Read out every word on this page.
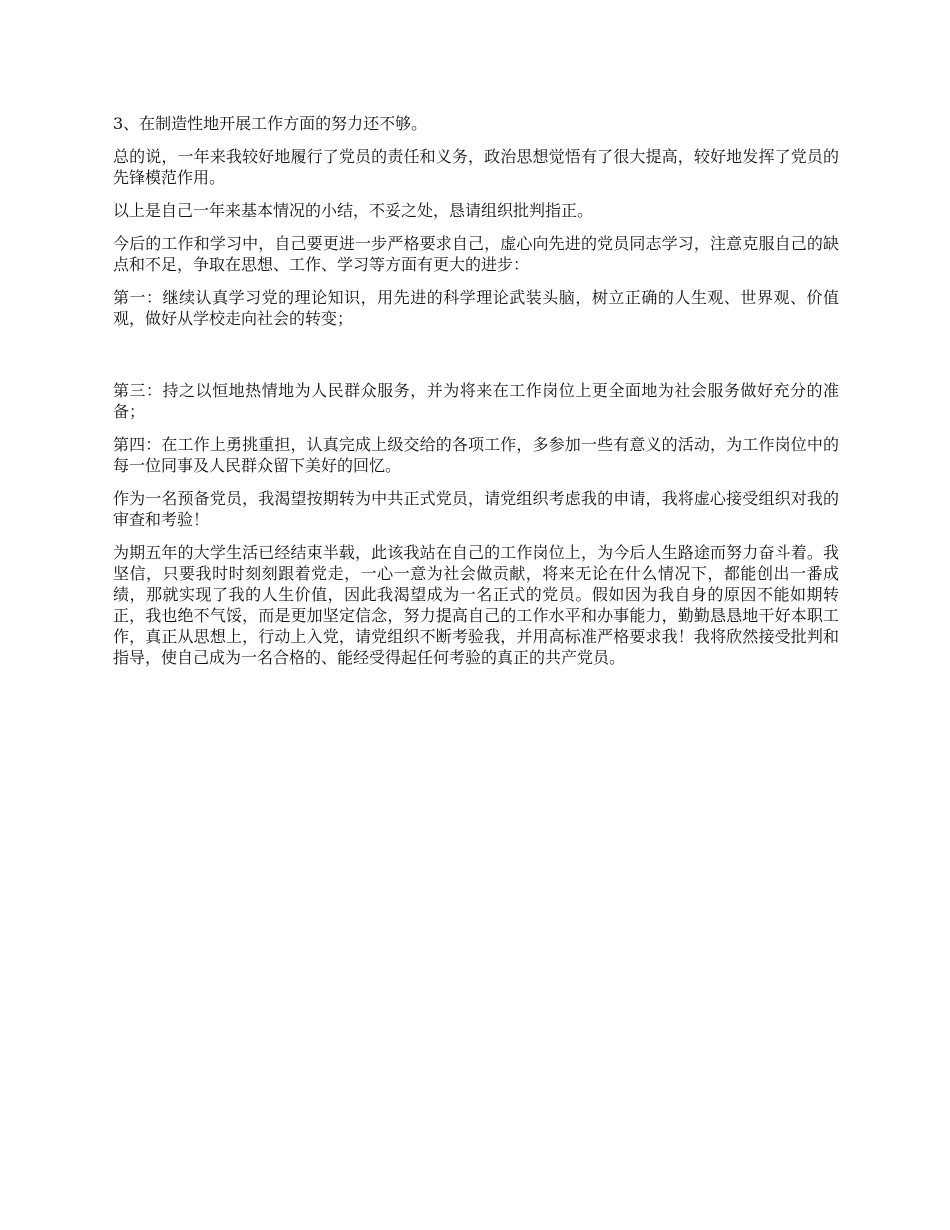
3、在制造性地开展工作方面的努力还不够。

总的说，一年来我较好地履行了党员的责任和义务，政治思想觉悟有了很大提高，较好地发挥了党员的先锋模范作用。

以上是自己一年来基本情况的小结，不妥之处，恳请组织批判指正。

今后的工作和学习中，自己要更进一步严格要求自己，虚心向先进的党员同志学习，注意克服自己的缺点和不足，争取在思想、工作、学习等方面有更大的进步：

第一：继续认真学习党的理论知识，用先进的科学理论武装头脑，树立正确的人生观、世界观、价值观，做好从学校走向社会的转变；

第三：持之以恒地热情地为人民群众服务，并为将来在工作岗位上更全面地为社会服务做好充分的准备；

第四：在工作上勇挑重担，认真完成上级交给的各项工作，多参加一些有意义的活动，为工作岗位中的每一位同事及人民群众留下美好的回忆。

作为一名预备党员，我渴望按期转为中共正式党员，请党组织考虑我的申请，我将虚心接受组织对我的审查和考验！

为期五年的大学生活已经结束半载，此该我站在自己的工作岗位上，为今后人生路途而努力奋斗着。我坚信，只要我时时刻刻跟着党走，一心一意为社会做贡献，将来无论在什么情况下，都能创出一番成绩，那就实现了我的人生价值，因此我渴望成为一名正式的党员。假如因为我自身的原因不能如期转正，我也绝不气馁，而是更加坚定信念，努力提高自己的工作水平和办事能力，勤勤恳恳地干好本职工作，真正从思想上，行动上入党，请党组织不断考验我，并用高标准严格要求我！我将欣然接受批判和指导，使自己成为一名合格的、能经受得起任何考验的真正的共产党员。
